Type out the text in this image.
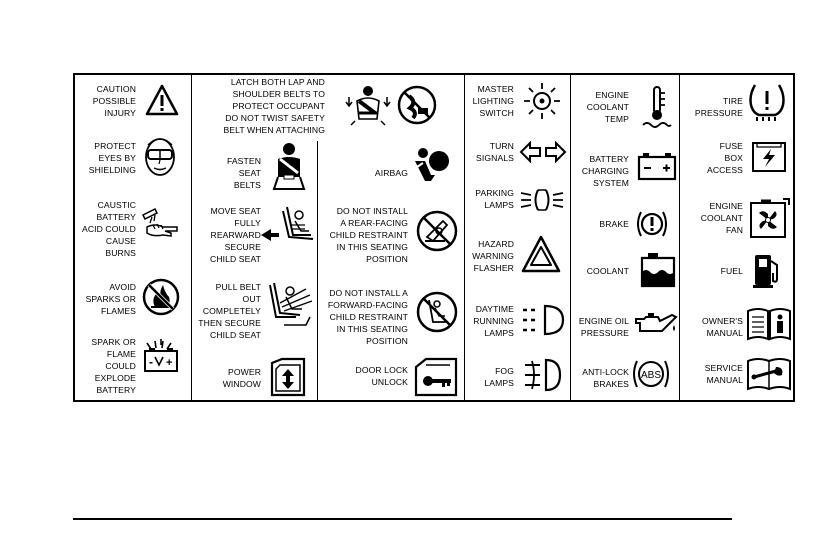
CAUTION
POSSIBLE
INJURY
PROTECT
EYES BY
SHIELDING
CAUSTIC
BATTERY
ACID COULD
CAUSE
BURNS
AVOID
SPARKS OR
FLAMES
SPARK OR
FLAME
COULD
EXPLODE
BATTERY
- +
LATCH BOTH LAP AND
SHOULDER BELTS TO
PROTECT OCCUPANT
DO NOT TWIST SAFETY
BELT WHEN ATTACHING
FASTEN
SEAT
BELTS
MOVE SEAT
FULLY
REARWARD
SECURE
CHILD SEAT
PULL BELT
OUT
COMPLETELY
THEN SECURE
CHILD SEAT
POWER
WINDOW
AIRBAG
DO NOT INSTALL
A REAR-FACING
CHILD RESTRAINT
IN THIS SEATING
POSITION
DO NOT INSTALL A
FORWARD-FACING
CHILD RESTRAINT
IN THIS SEATING
POSITION
DOOR LOCK
UNLOCK
MASTER
LIGHTING
SWITCH
TURN
SIGNALS
PARKING
LAMPS
HAZARD
WARNING
FLASHER
DAYTIME
RUNNING
LAMPS
FOG
LAMPS
ENGINE
COOLANT
TEMP
BATTERY
CHARGING
SYSTEM
BRAKE
COOLANT
ENGINE OIL
PRESSURE
ANTI-LOCK
BRAKES
ABS
TIRE
PRESSURE
FUSE
BOX
ACCESS
ENGINE
COOLANT
FAN
FUEL
OWNER'S
MANUAL
SERVICE
MANUAL
